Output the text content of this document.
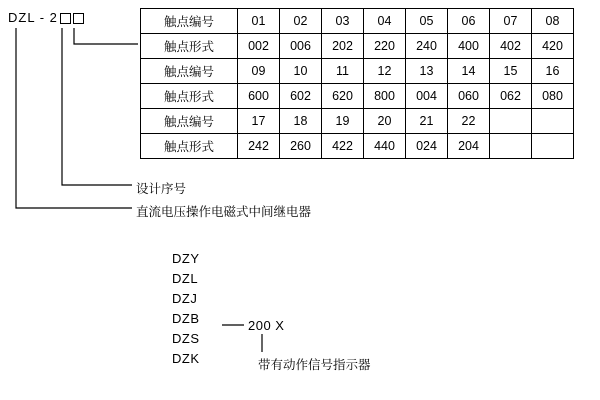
DZL - 2	触点编号	01	02	03	04	05	06	07	08
触点形式	002	006	202	220	240	400	402	420
触点编号	09	10	11	12	13	14	15	16
触点形式	600	602	620	800	004	060	062	080
触点编号	17	18	19	20	21	22		
触点形式	242	260	422	440	024	204		
设计序号
直流电压操作电磁式中间继电器
DZY
DZL
DZJ
DZB
DZS
DZK
200 X
带有动作信号指示器
